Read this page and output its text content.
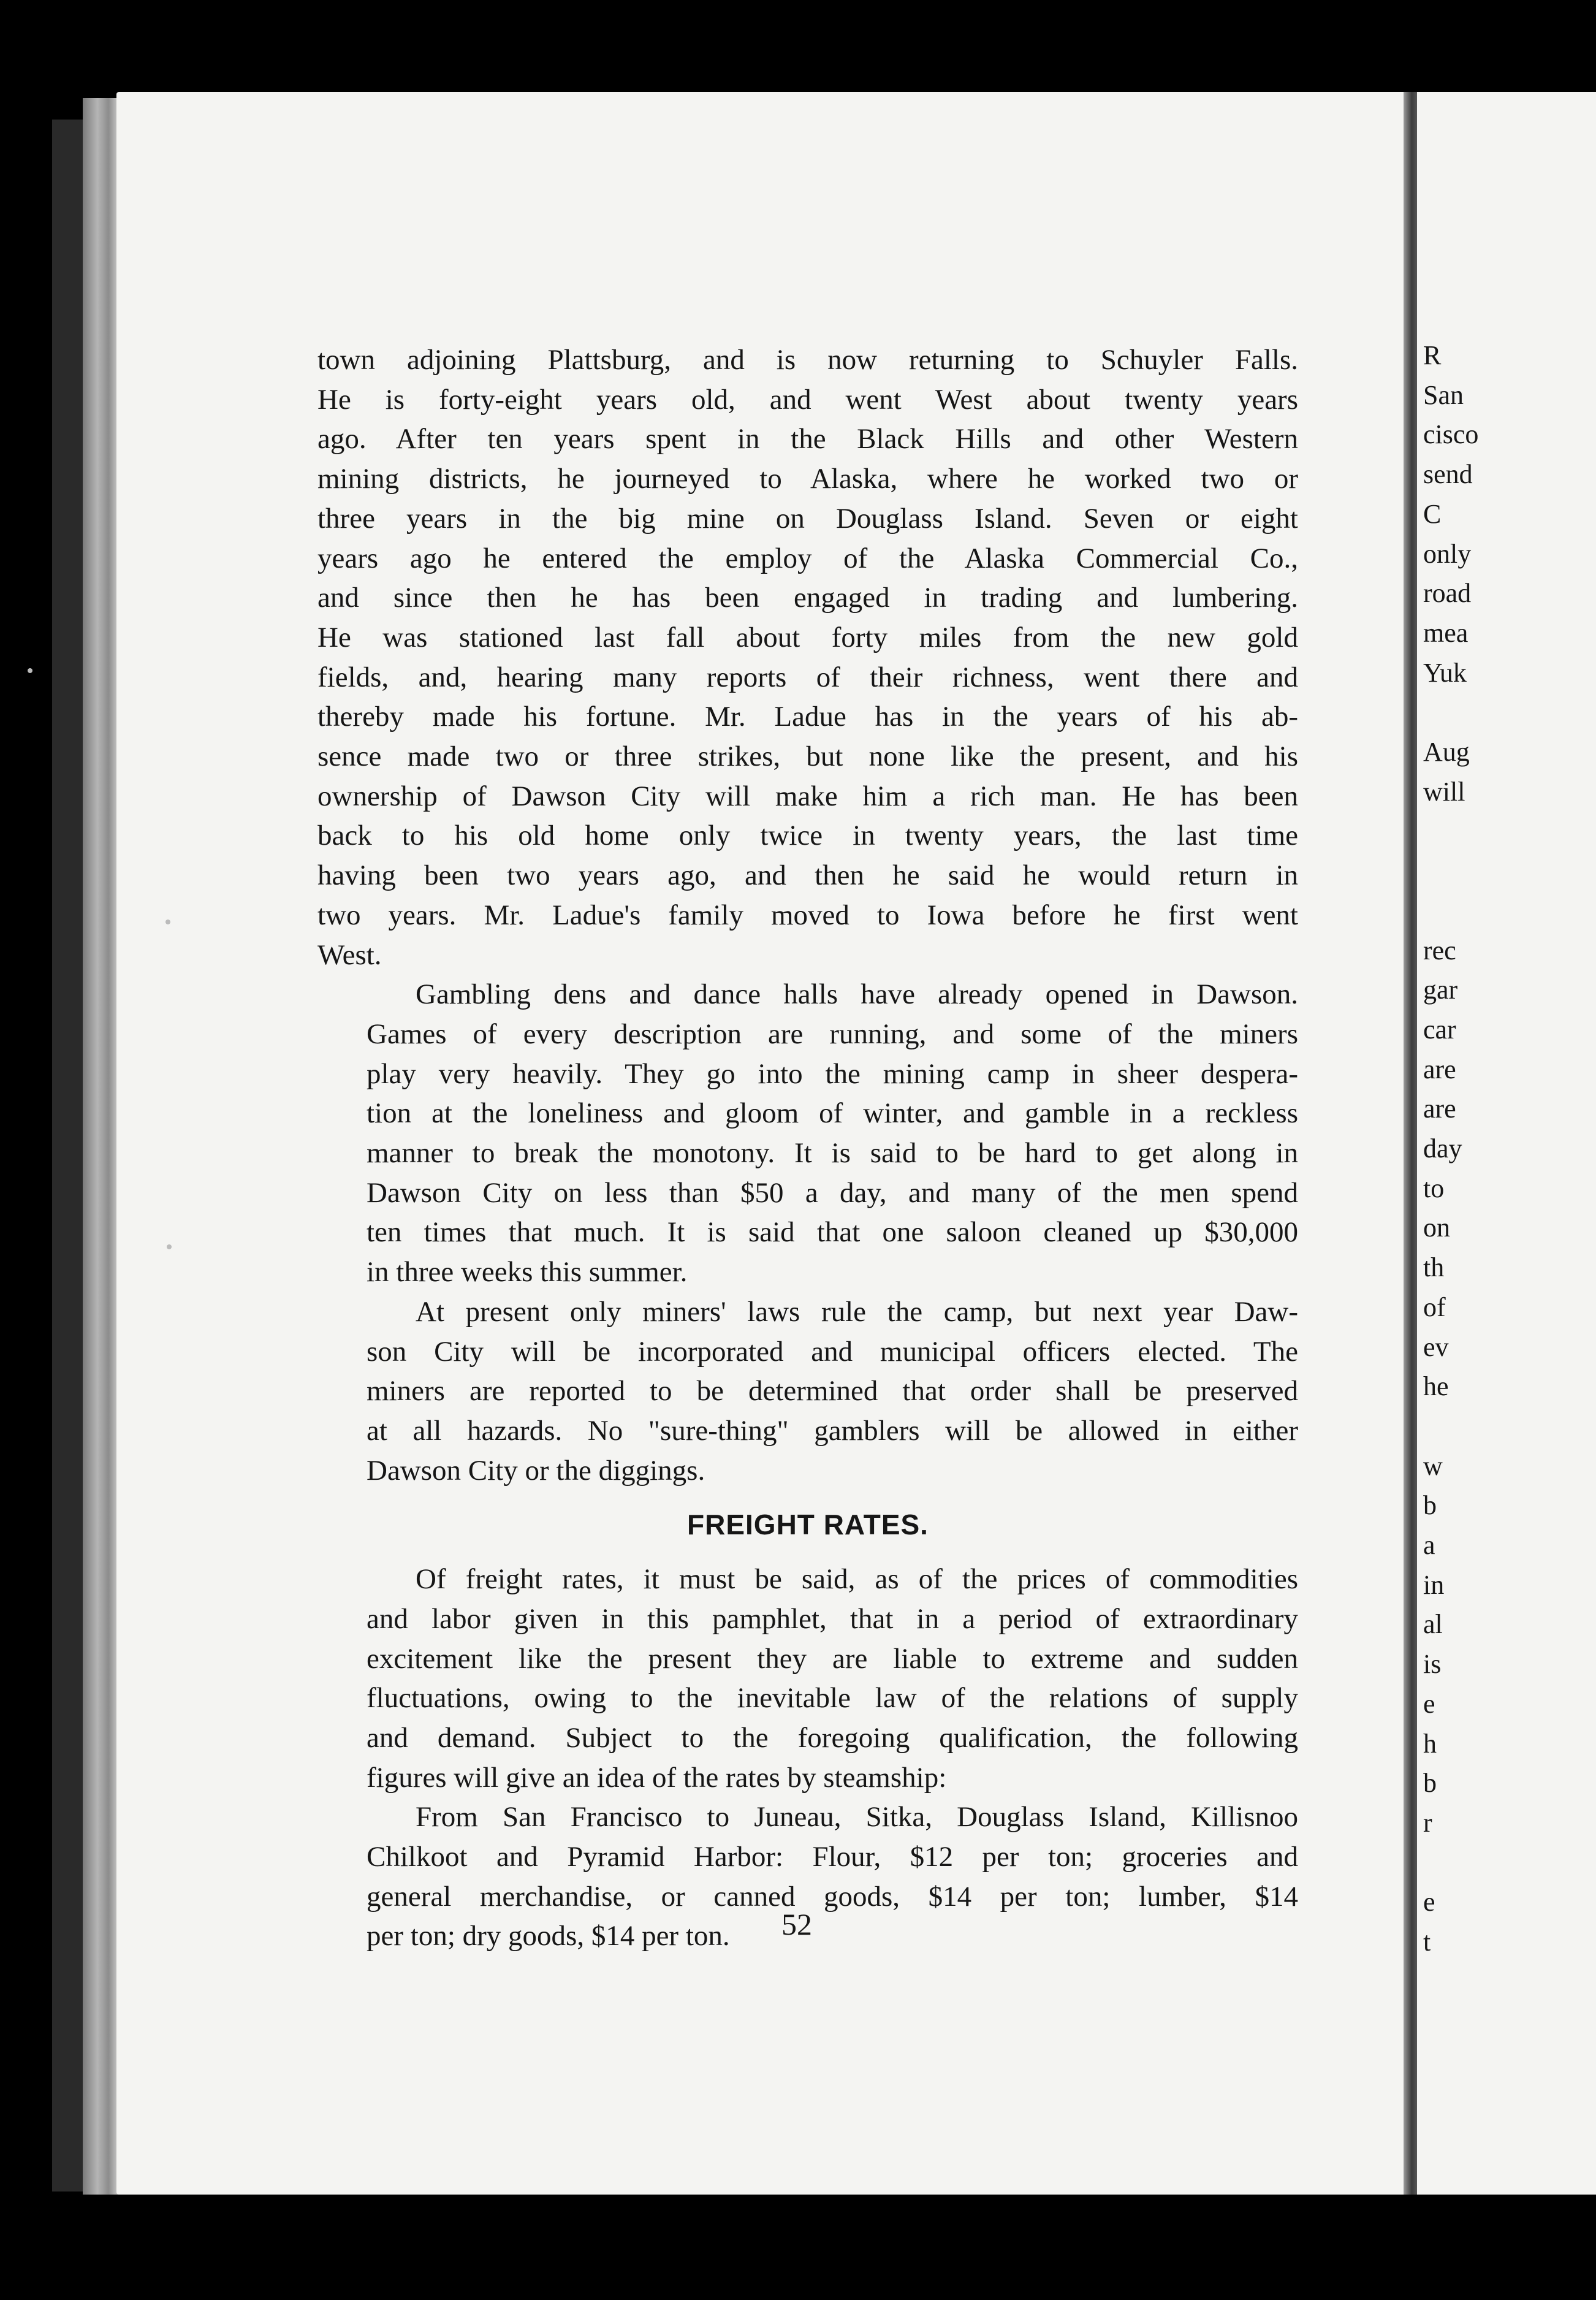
town adjoining Plattsburg, and is now returning to Schuyler Falls.
He is forty-eight years old, and went West about twenty years
ago. After ten years spent in the Black Hills and other Western
mining districts, he journeyed to Alaska, where he worked two or
three years in the big mine on Douglass Island. Seven or eight
years ago he entered the employ of the Alaska Commercial Co.,
and since then he has been engaged in trading and lumbering.
He was stationed last fall about forty miles from the new gold
fields, and, hearing many reports of their richness, went there and
thereby made his fortune. Mr. Ladue has in the years of his ab-
sence made two or three strikes, but none like the present, and his
ownership of Dawson City will make him a rich man. He has been
back to his old home only twice in twenty years, the last time
having been two years ago, and then he said he would return in
two years. Mr. Ladue's family moved to Iowa before he first went
West.

Gambling dens and dance halls have already opened in Dawson.
Games of every description are running, and some of the miners
play very heavily. They go into the mining camp in sheer despera-
tion at the loneliness and gloom of winter, and gamble in a reckless
manner to break the monotony. It is said to be hard to get along in
Dawson City on less than $50 a day, and many of the men spend
ten times that much. It is said that one saloon cleaned up $30,000
in three weeks this summer.

At present only miners' laws rule the camp, but next year Daw-
son City will be incorporated and municipal officers elected. The
miners are reported to be determined that order shall be preserved
at all hazards. No "sure-thing" gamblers will be allowed in either
Dawson City or the diggings.

FREIGHT RATES.

Of freight rates, it must be said, as of the prices of commodities
and labor given in this pamphlet, that in a period of extraordinary
excitement like the present they are liable to extreme and sudden
fluctuations, owing to the inevitable law of the relations of supply
and demand. Subject to the foregoing qualification, the following
figures will give an idea of the rates by steamship:

From San Francisco to Juneau, Sitka, Douglass Island, Killisnoo
Chilkoot and Pyramid Harbor: Flour, $12 per ton; groceries and
general merchandise, or canned goods, $14 per ton; lumber, $14
per ton; dry goods, $14 per ton.	52
R
San
cisco
send
C
only
road
mea
Yuk
Aug
will
rec
gar
car
are
are
day
to
on
th
of
ev
he
w
b
a
in
al
is
e
h
b
r
e
t
